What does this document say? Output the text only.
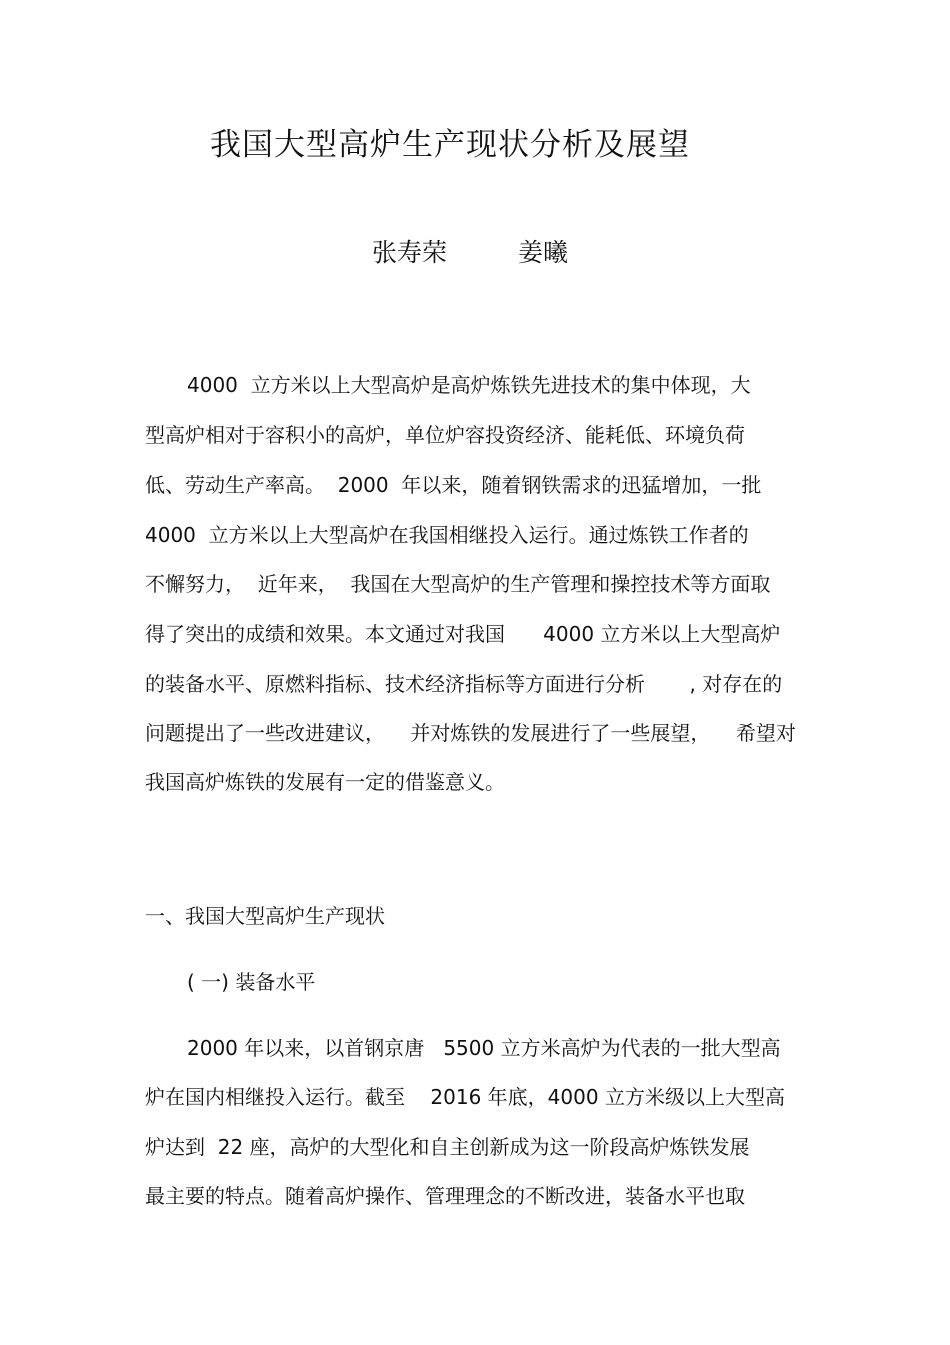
我国大型高炉生产现状分析及展望
张寿荣	姜曦
4000  立方米以上大型高炉是高炉炼铁先进技术的集中体现，大
型高炉相对于容积小的高炉，单位炉容投资经济、能耗低、环境负荷
低、劳动生产率高。  2000  年以来，随着钢铁需求的迅猛增加，一批
4000  立方米以上大型高炉在我国相继投入运行。通过炼铁工作者的
不懈努力，  近年来，  我国在大型高炉的生产管理和操控技术等方面取
得了突出的成绩和效果。本文通过对我国      4000 立方米以上大型高炉
的装备水平、原燃料指标、技术经济指标等方面进行分析       , 对存在的
问题提出了一些改进建议，    并对炼铁的发展进行了一些展望，    希望对
我国高炉炼铁的发展有一定的借鉴意义。
一、我国大型高炉生产现状
( 一) 装备水平
2000 年以来，以首钢京唐   5500 立方米高炉为代表的一批大型高
炉在国内相继投入运行。截至    2016 年底，4000 立方米级以上大型高
炉达到  22 座，高炉的大型化和自主创新成为这一阶段高炉炼铁发展
最主要的特点。随着高炉操作、管理理念的不断改进，装备水平也取
